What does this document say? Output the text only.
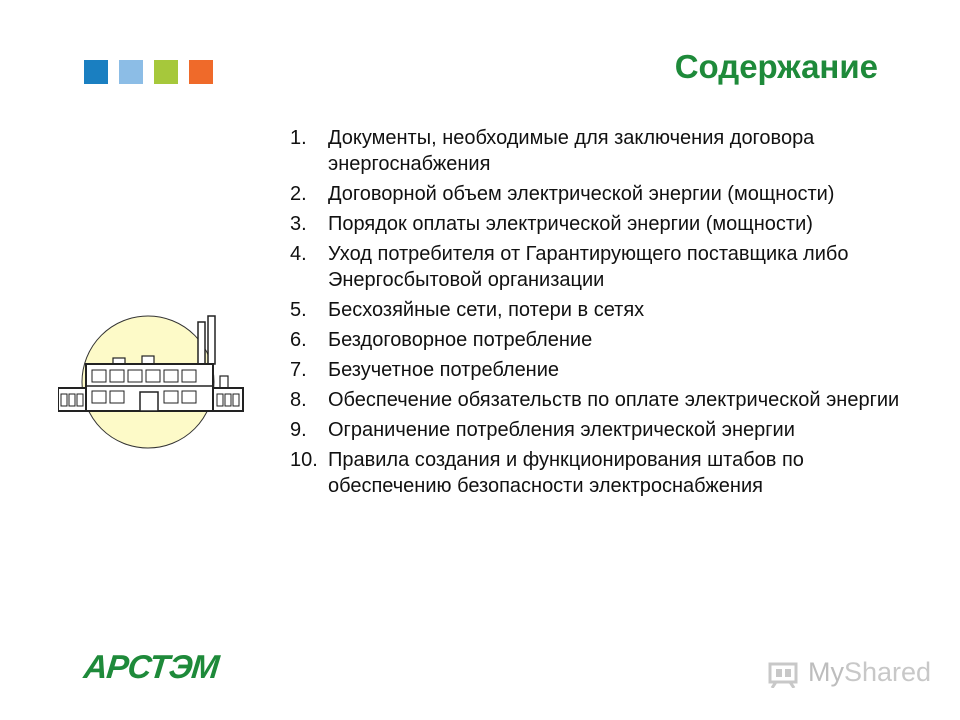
Содержание
1.	Документы, необходимые для заключения договора энергоснабжения
2.	Договорной объем электрической энергии (мощности)
3.	Порядок оплаты электрической энергии (мощности)
4.	Уход потребителя от Гарантирующего поставщика либо Энергосбытовой организации
5.	Бесхозяйные сети, потери в сетях
6.	Бездоговорное потребление
7.	Безучетное потребление
8.	Обеспечение обязательств по оплате электрической энергии
9.	Ограничение потребления электрической энергии
10. Правила создания и функционирования штабов по обеспечению безопасности электроснабжения
АРСТЭМ	MyShared
